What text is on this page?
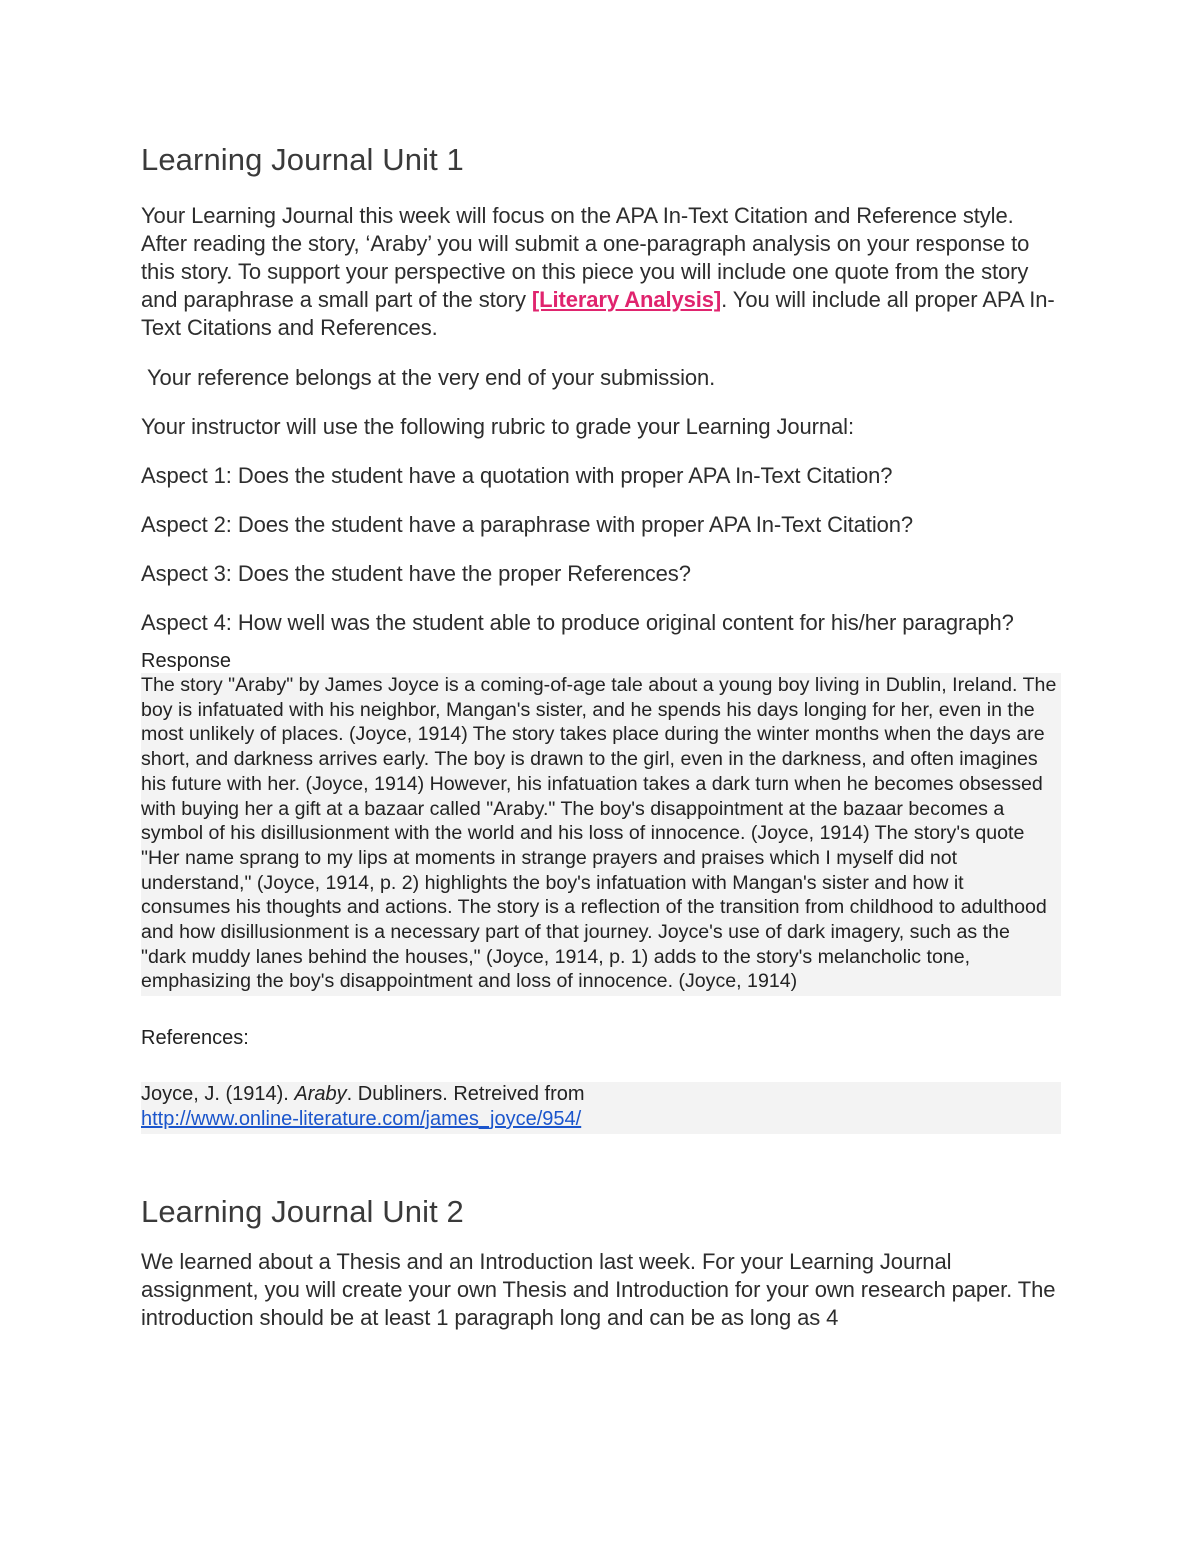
Learning Journal Unit 1

Your Learning Journal this week will focus on the APA In-Text Citation and Reference style. After reading the story, ‘Araby’ you will submit a one-paragraph analysis on your response to this story. To support your perspective on this piece you will include one quote from the story and paraphrase a small part of the story [Literary Analysis]. You will include all proper APA In-Text Citations and References.

Your reference belongs at the very end of your submission.

Your instructor will use the following rubric to grade your Learning Journal:

Aspect 1: Does the student have a quotation with proper APA In-Text Citation?

Aspect 2: Does the student have a paraphrase with proper APA In-Text Citation?

Aspect 3: Does the student have the proper References?

Aspect 4: How well was the student able to produce original content for his/her paragraph?

Response

The story "Araby" by James Joyce is a coming-of-age tale about a young boy living in Dublin, Ireland. The boy is infatuated with his neighbor, Mangan's sister, and he spends his days longing for her, even in the most unlikely of places. (Joyce, 1914) The story takes place during the winter months when the days are short, and darkness arrives early. The boy is drawn to the girl, even in the darkness, and often imagines his future with her. (Joyce, 1914) However, his infatuation takes a dark turn when he becomes obsessed with buying her a gift at a bazaar called "Araby." The boy's disappointment at the bazaar becomes a symbol of his disillusionment with the world and his loss of innocence. (Joyce, 1914) The story's quote "Her name sprang to my lips at moments in strange prayers and praises which I myself did not understand," (Joyce, 1914, p. 2) highlights the boy's infatuation with Mangan's sister and how it consumes his thoughts and actions. The story is a reflection of the transition from childhood to adulthood and how disillusionment is a necessary part of that journey. Joyce's use of dark imagery, such as the "dark muddy lanes behind the houses," (Joyce, 1914, p. 1) adds to the story's melancholic tone, emphasizing the boy's disappointment and loss of innocence. (Joyce, 1914)

References:

Joyce, J. (1914). Araby. Dubliners. Retreived from
http://www.online-literature.com/james_joyce/954/
Learning Journal Unit 2

We learned about a Thesis and an Introduction last week. For your Learning Journal assignment, you will create your own Thesis and Introduction for your own research paper. The introduction should be at least 1 paragraph long and can be as long as 4
